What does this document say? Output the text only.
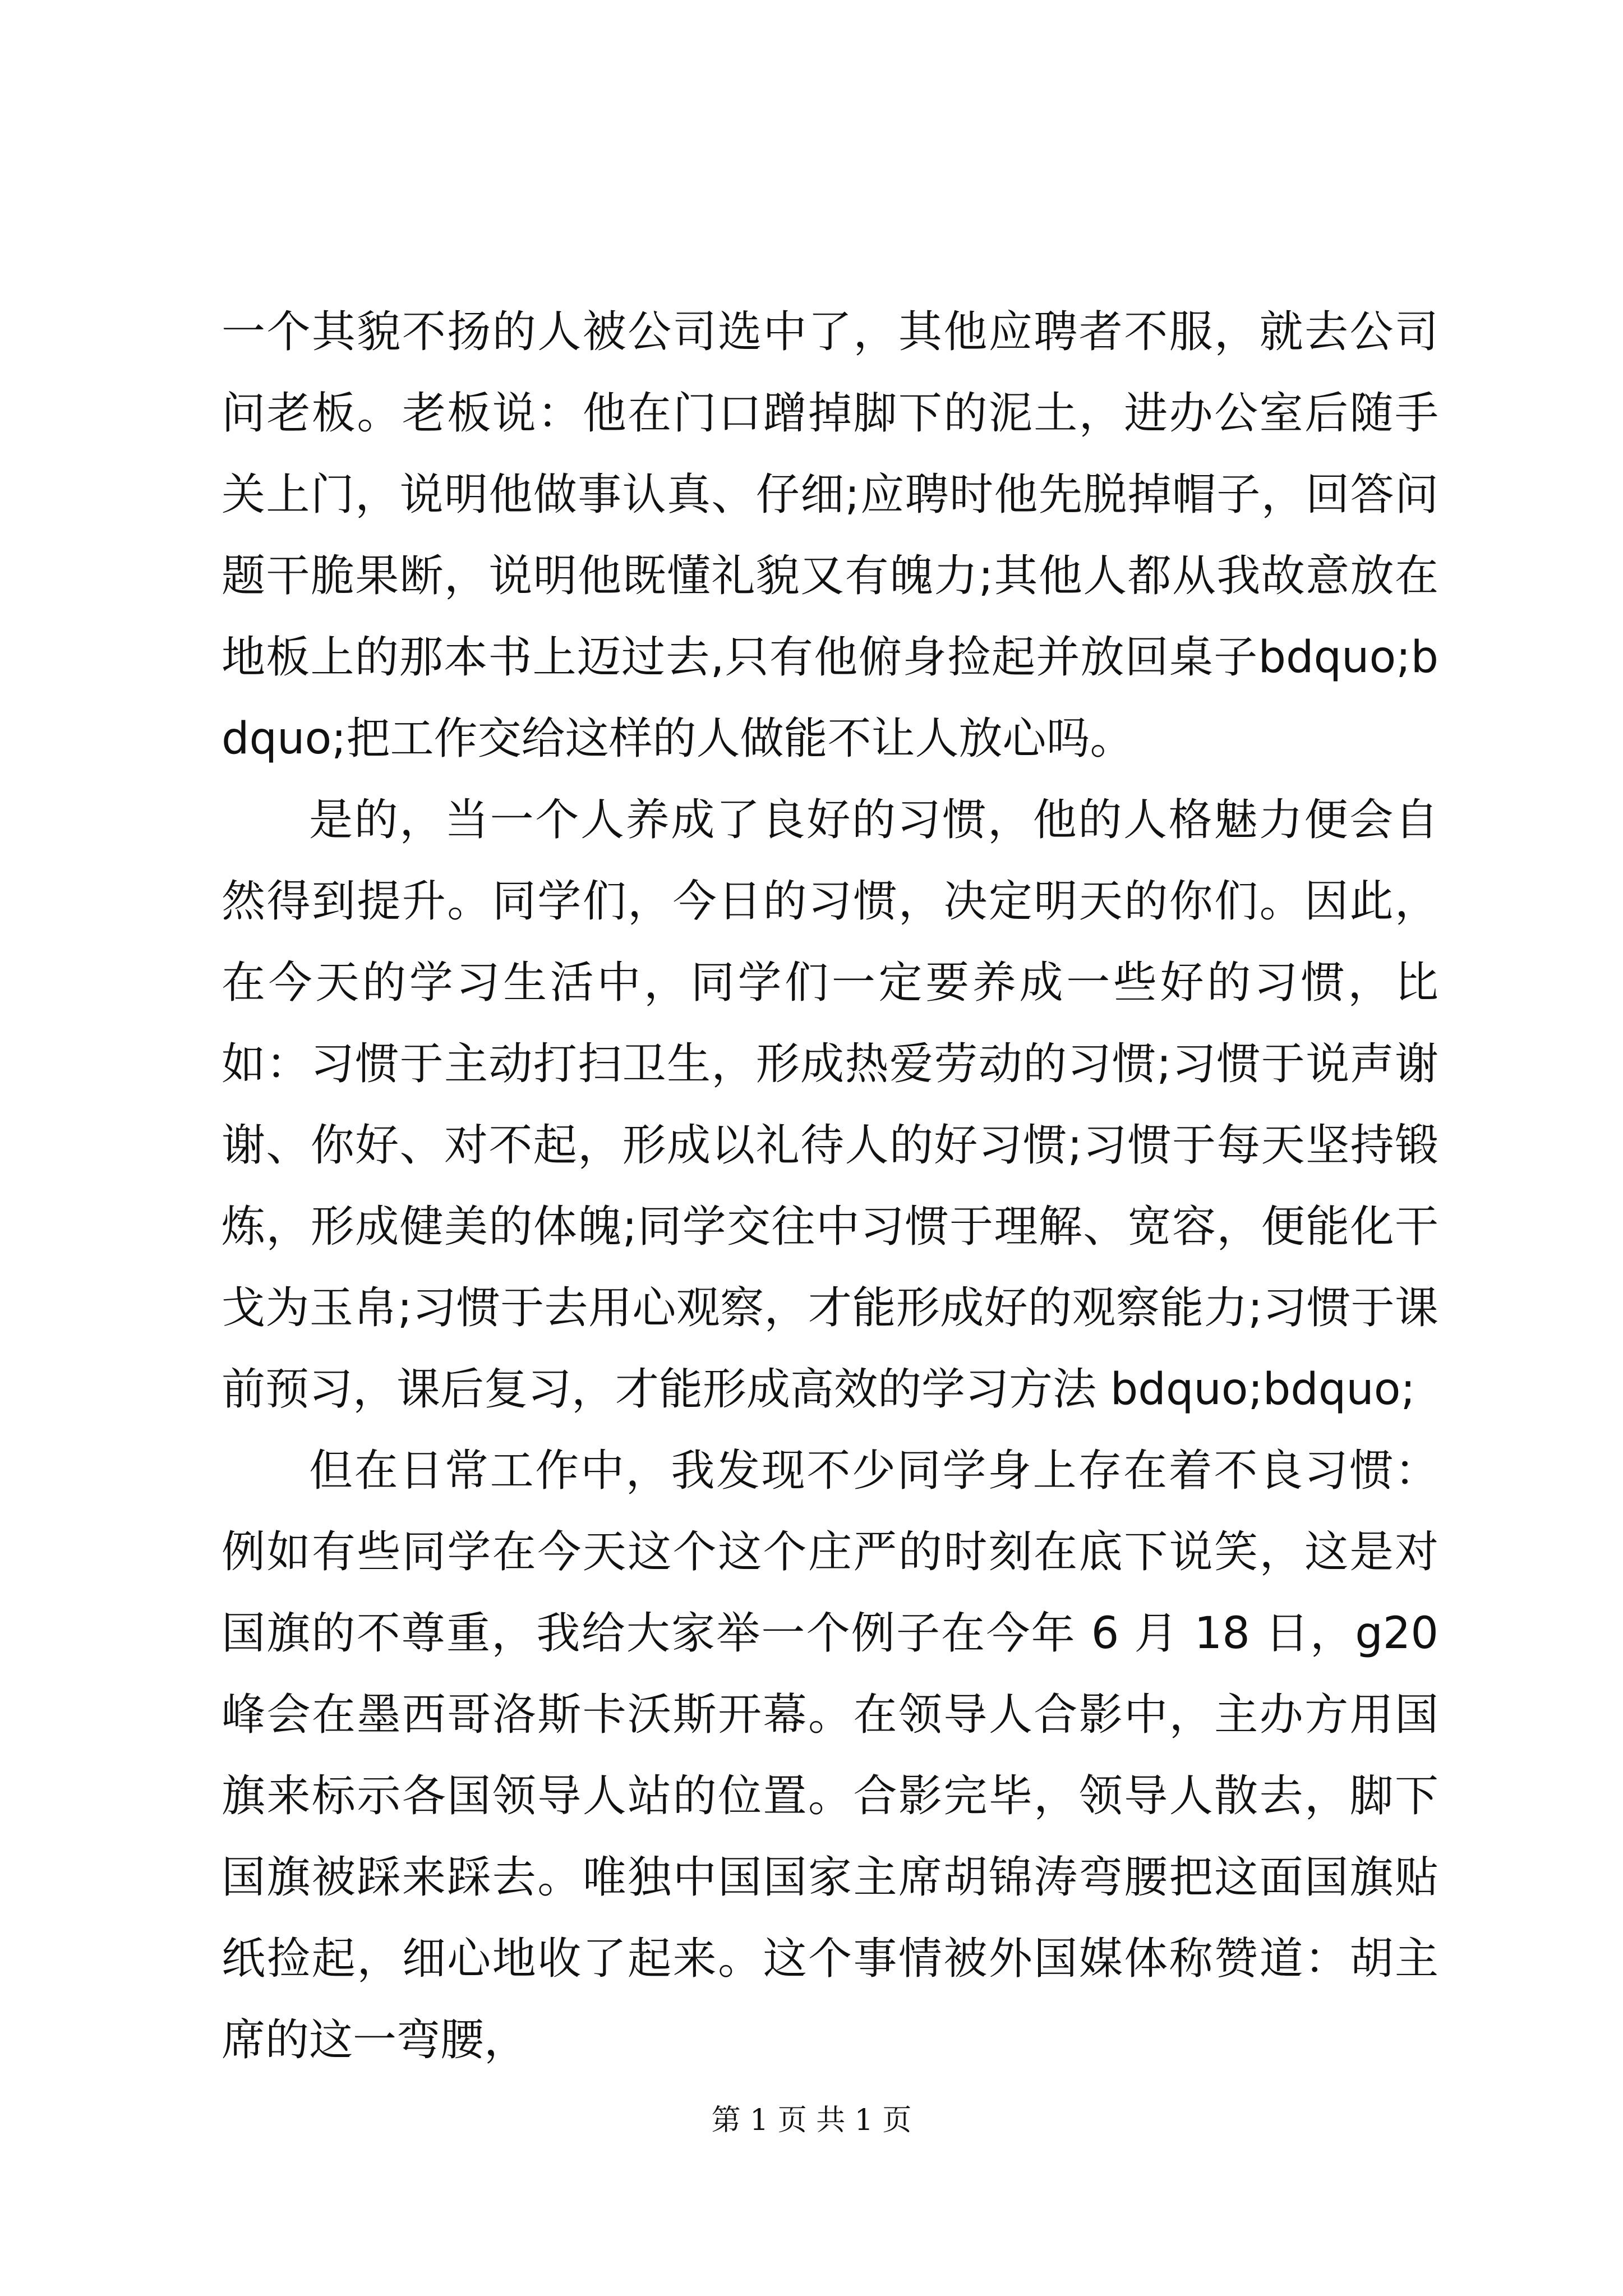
一个其貌不扬的人被公司选中了，其他应聘者不服，就去公司问老板。老板说：他在门口蹭掉脚下的泥土，进办公室后随手关上门，说明他做事认真、仔细;应聘时他先脱掉帽子，回答问题干脆果断，说明他既懂礼貌又有魄力;其他人都从我故意放在地板上的那本书上迈过去,只有他俯身捡起并放回桌子bdquo;bdquo;把工作交给这样的人做能不让人放心吗。

是的，当一个人养成了良好的习惯，他的人格魅力便会自然得到提升。同学们，今日的习惯，决定明天的你们。因此，在今天的学习生活中，同学们一定要养成一些好的习惯，比如：习惯于主动打扫卫生，形成热爱劳动的习惯;习惯于说声谢谢、你好、对不起，形成以礼待人的好习惯;习惯于每天坚持锻炼，形成健美的体魄;同学交往中习惯于理解、宽容，便能化干戈为玉帛;习惯于去用心观察，才能形成好的观察能力;习惯于课前预习，课后复习，才能形成高效的学习方法 bdquo;bdquo;

但在日常工作中，我发现不少同学身上存在着不良习惯：例如有些同学在今天这个这个庄严的时刻在底下说笑，这是对国旗的不尊重，我给大家举一个例子在今年 6 月 18 日，g20 峰会在墨西哥洛斯卡沃斯开幕。在领导人合影中，主办方用国旗来标示各国领导人站的位置。合影完毕，领导人散去，脚下国旗被踩来踩去。唯独中国国家主席胡锦涛弯腰把这面国旗贴纸捡起，细心地收了起来。这个事情被外国媒体称赞道：胡主席的这一弯腰，

第 1 页 共 1 页
